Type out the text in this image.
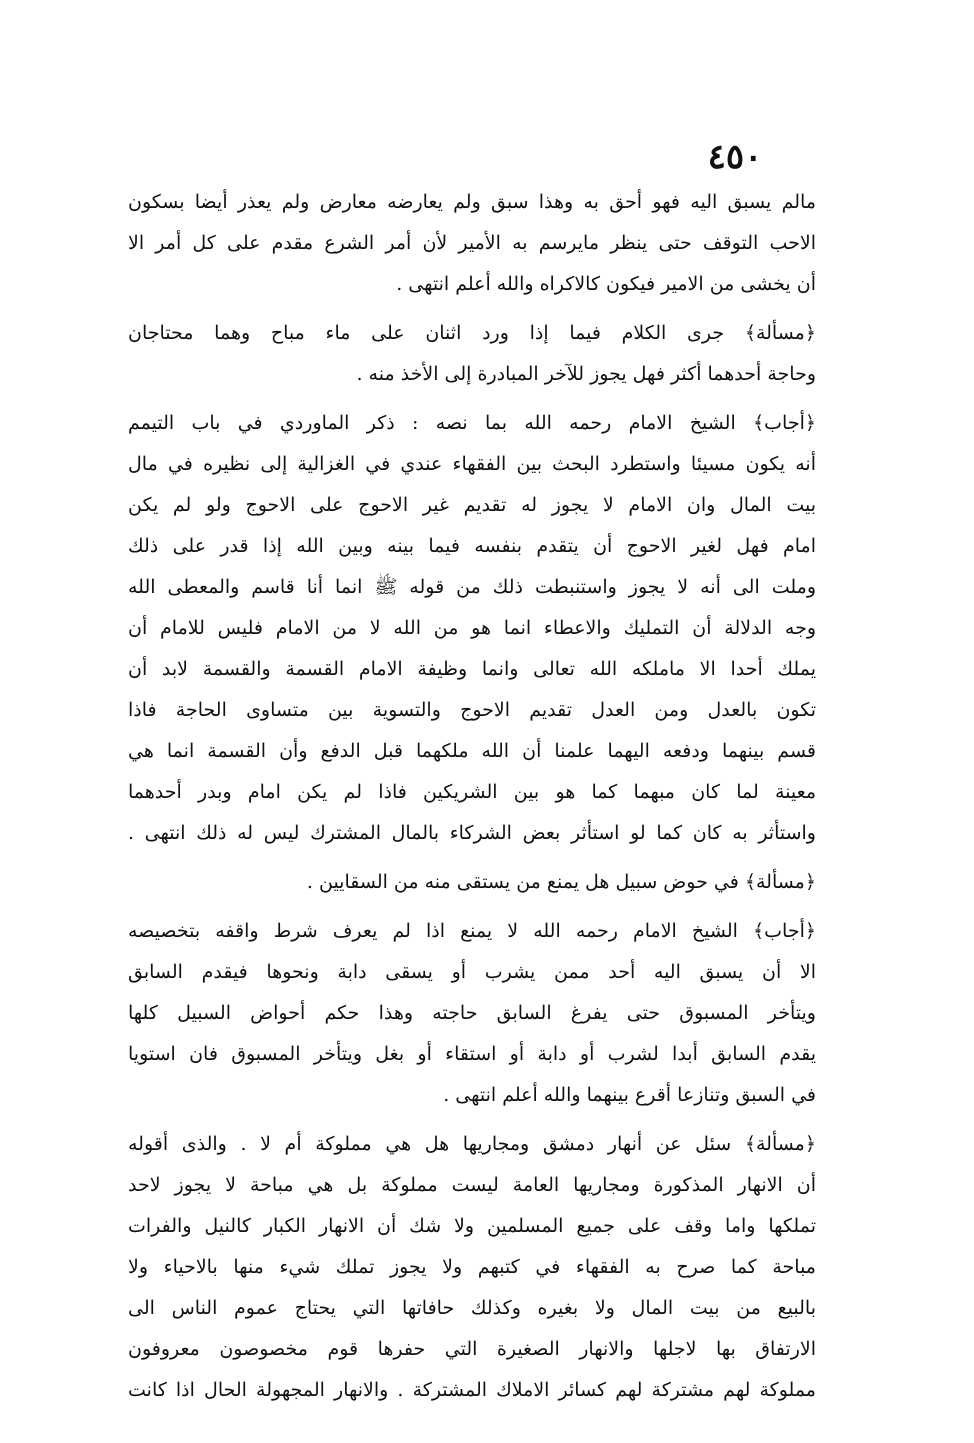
٤٥٠
مالم يسبق اليه فهو أحق به وهذا سبق ولم يعارضه معارض ولم يعذر أيضا بسكون
الاحب التوقف حتى ينظر مايرسم به الأمير لأن أمر الشرع مقدم على كل أمر الا
أن يخشى من الامير فيكون كالاكراه والله أعلم انتهى .
﴿مسألة﴾ جرى الكلام فيما إذا ورد اثنان على ماء مباح وهما محتاجان
وحاجة أحدهما أكثر فهل يجوز للآخر المبادرة إلى الأخذ منه .
﴿أجاب﴾ الشيخ الامام رحمه الله بما نصه : ذكر الماوردي في باب التيمم
أنه يكون مسيئا واستطرد البحث بين الفقهاء عندي في الغزالية إلى نظيره في مال
بيت المال وان الامام لا يجوز له تقديم غير الاحوج على الاحوج ولو لم يكن
امام فهل لغير الاحوج أن يتقدم بنفسه فيما بينه وبين الله إذا قدر على ذلك
وملت الى أنه لا يجوز واستنبطت ذلك من قوله ﷺ انما أنا قاسم والمعطى الله
وجه الدلالة أن التمليك والاعطاء انما هو من الله لا من الامام فليس للامام أن
يملك أحدا الا ماملكه الله تعالى وانما وظيفة الامام القسمة والقسمة لابد أن
تكون بالعدل ومن العدل تقديم الاحوج والتسوية بين متساوى الحاجة فاذا
قسم بينهما ودفعه اليهما علمنا أن الله ملكهما قبل الدفع وأن القسمة انما هي
معينة لما كان مبهما كما هو بين الشريكين فاذا لم يكن امام وبدر أحدهما
واستأثر به كان كما لو استأثر بعض الشركاء بالمال المشترك ليس له ذلك انتهى .
﴿مسألة﴾ في حوض سبيل هل يمنع من يستقى منه من السقايين .
﴿أجاب﴾ الشيخ الامام رحمه الله لا يمنع اذا لم يعرف شرط واقفه بتخصيصه
الا أن يسبق اليه أحد ممن يشرب أو يسقى دابة ونحوها فيقدم السابق
ويتأخر المسبوق حتى يفرغ السابق حاجته وهذا حكم أحواض السبيل كلها
يقدم السابق أبدا لشرب أو دابة أو استقاء أو بغل ويتأخر المسبوق فان استويا
في السبق وتنازعا أقرع بينهما والله أعلم انتهى .
﴿مسألة﴾ سئل عن أنهار دمشق ومجاريها هل هي مملوكة أم لا . والذى أقوله
أن الانهار المذكورة ومجاريها العامة ليست مملوكة بل هي مباحة لا يجوز لاحد
تملكها واما وقف على جميع المسلمين ولا شك أن الانهار الكبار كالنيل والفرات
مباحة كما صرح به الفقهاء في كتبهم ولا يجوز تملك شيء منها بالاحياء ولا
بالبيع من بيت المال ولا بغيره وكذلك حافاتها التي يحتاج عموم الناس الى
الارتفاق بها لاجلها والانهار الصغيرة التي حفرها قوم مخصوصون معروفون
مملوكة لهم مشتركة لهم كسائر الاملاك المشتركة . والانهار المجهولة الحال اذا كانت
